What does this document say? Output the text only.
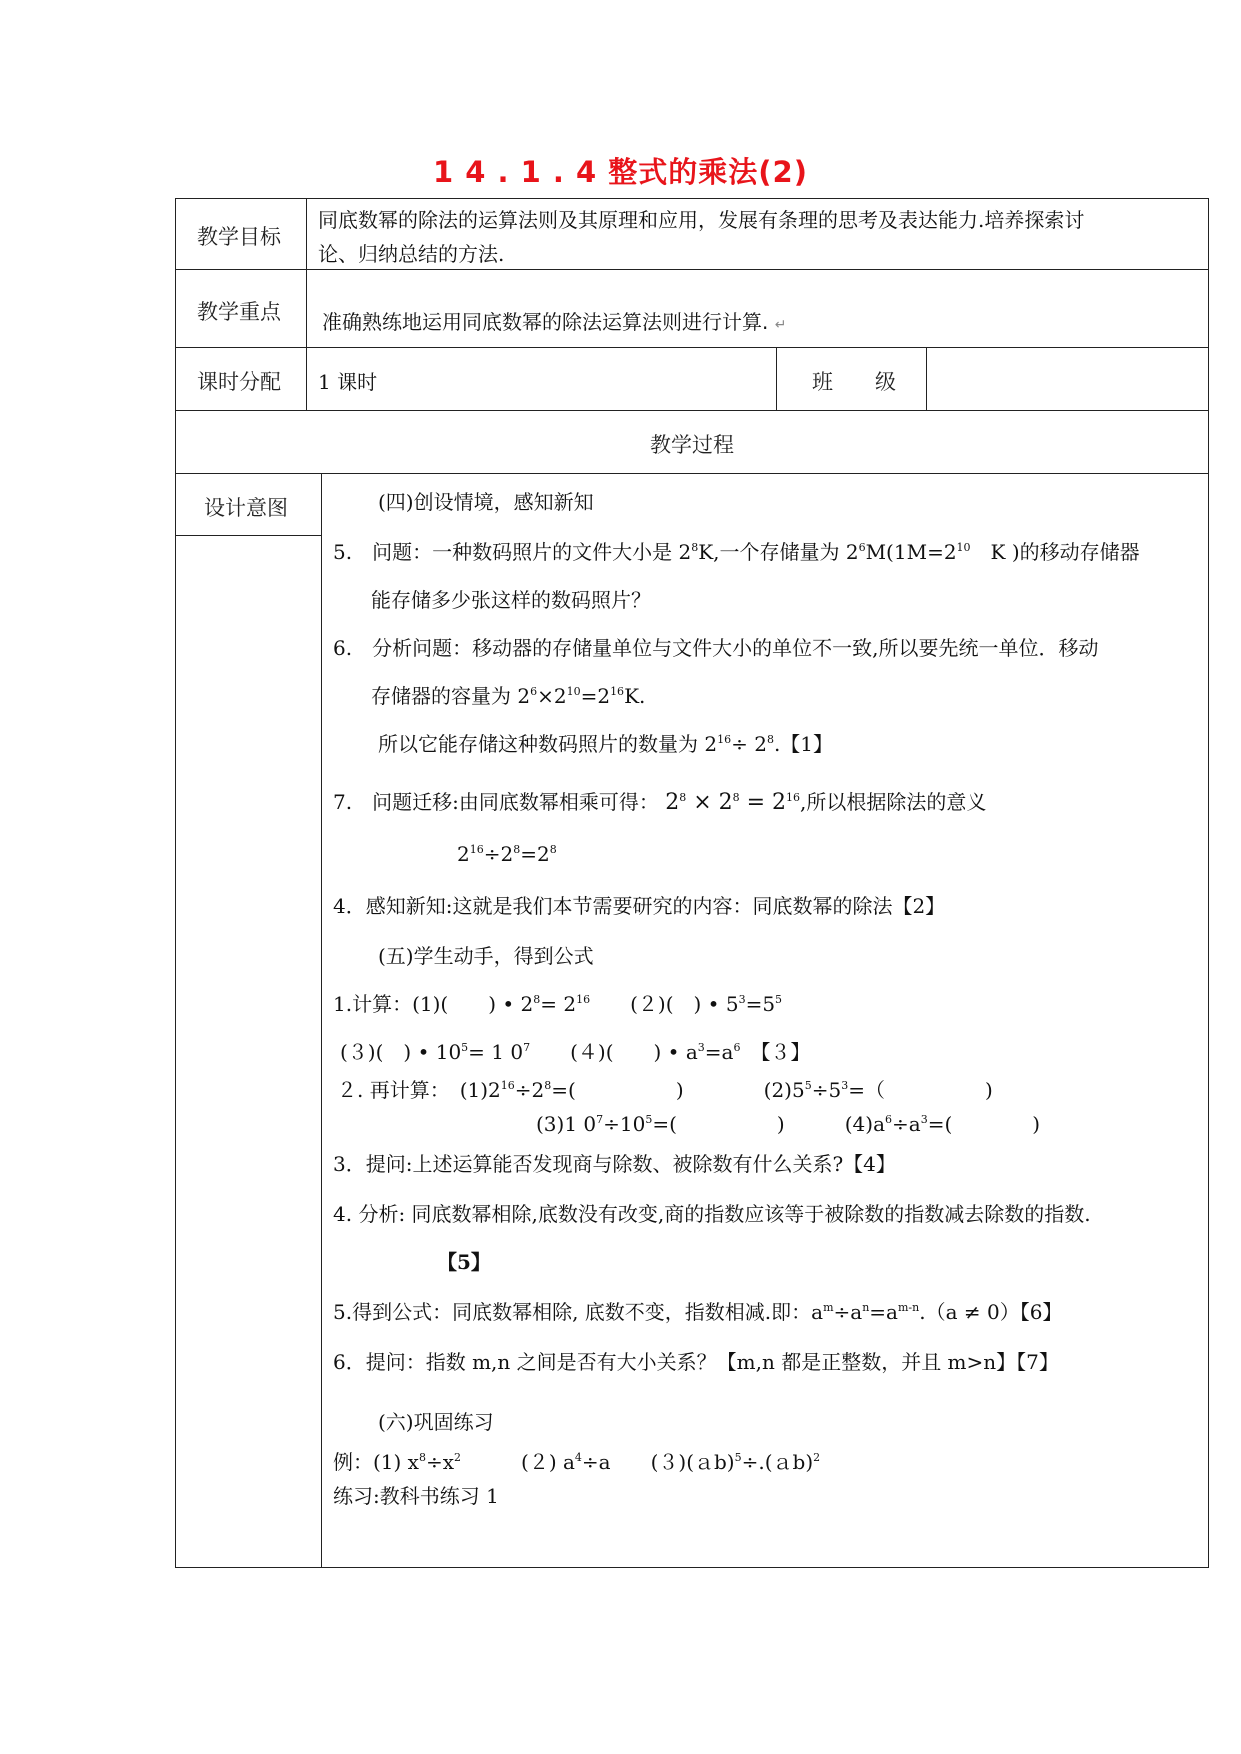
1 4 . 1 . 4 整式的乘法(2)
教学目标
同底数幂的除法的运算法则及其原理和应用，发展有条理的思考及表达能力.培养探索讨
论、归纳总结的方法.
教学重点 准确熟练地运用同底数幂的除法运算法则进行计算. ↵
课时分配 1 课时	班　　级
教学过程
设计意图	(四)创设情境，感知新知
5.　 问题：一种数码照片的文件大小是 $2^8K$,一个存储量为 $2^6M(1M=2^{10}$　 K )的移动存储器
能存储多少张这样的数码照片？
6.　 分析问题：移动器的存储量单位与文件大小的单位不一致,所以要先统一单位．移动
存储器的容量为 $2^6\times 2^{10}=2^{16}K$.
所以它能存储这种数码照片的数量为 $2^{16}\div 2^8$.【1】
7.　 问题迁移:由同底数幂相乘可得： $2^8 \times 2^8 = 2^{16}$,所以根据除法的意义
$2^{16}\div 2^8=2^8$
4．感知新知:这就是我们本节需要研究的内容：同底数幂的除法【2】
(五)学生动手，得到公式
1.计算：(1)(　　) • $2^8= 2^{16}$　　(２)(　) • $5^3=5^5$
(３)(　) • $10^5= 1$ $0^7$　　(４)(　　) • $a^3=a^6$　 【３】
２. 再计算：　$(1)2^{16}\div 2^8=$(　　　　　)　　　　	$(2)5^5\div 5^3=$（　　　　　)
(3)1 $0^7\div 10^5=$(　　　　　)　　　	$(4)a^6\div a^3=$(　　　　)
3．提问:上述运算能否发现商与除数、被除数有什么关系?【4】
4. 分析: 同底数幂相除,底数没有改变,商的指数应该等于被除数的指数减去除数的指数.
【5】
5.得到公式：同底数幂相除, 底数不变，指数相减.即：$a^m\div a^n=a^{m-n}.(a \ne 0)$【6】
6．提问：指数 m,n 之间是否有大小关系？【m,n 都是正整数，并且 m>n】【7】
(六)巩固练习
例：(1) $x^8\div x^2$　　　(２) $a^4\div a$　　(３)(ａb)$^5$÷.(ａb)$^2$
练习:教科书练习 1
